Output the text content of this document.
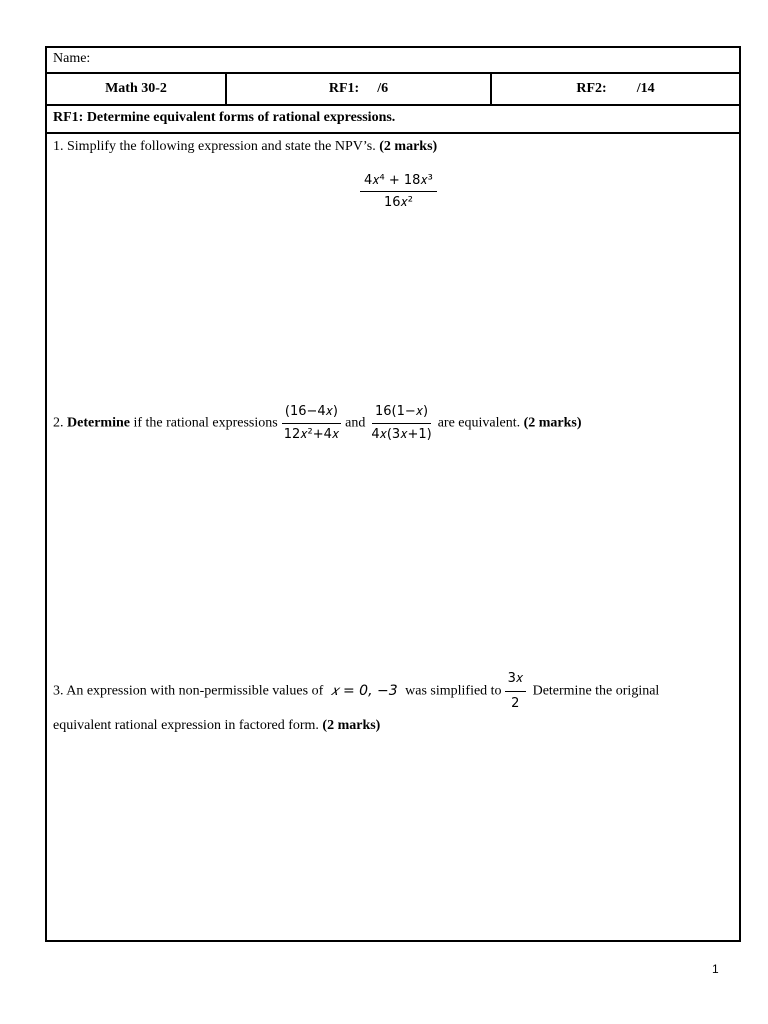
Name:
Math 30-2	RF1: /6	RF2: /14
RF1: Determine equivalent forms of rational expressions.
1. Simplify the following expression and state the NPV’s. (2 marks)
4𝑥⁴ + 18𝑥³
16𝑥²
2. Determine if the rational expressions $\frac{\text{(16−4𝑥)}}{\text{12𝑥²+4𝑥}}$ and $\frac{\text{16(1−𝑥)}}{\text{4𝑥(3𝑥+1)}}$ are equivalent. (2 marks)
3. An expression with non-permissible values of 𝑥 = 0, −3 was simplified to $\frac{\text{3𝑥}}{2}$ Determine the original
equivalent rational expression in factored form. (2 marks)
1
